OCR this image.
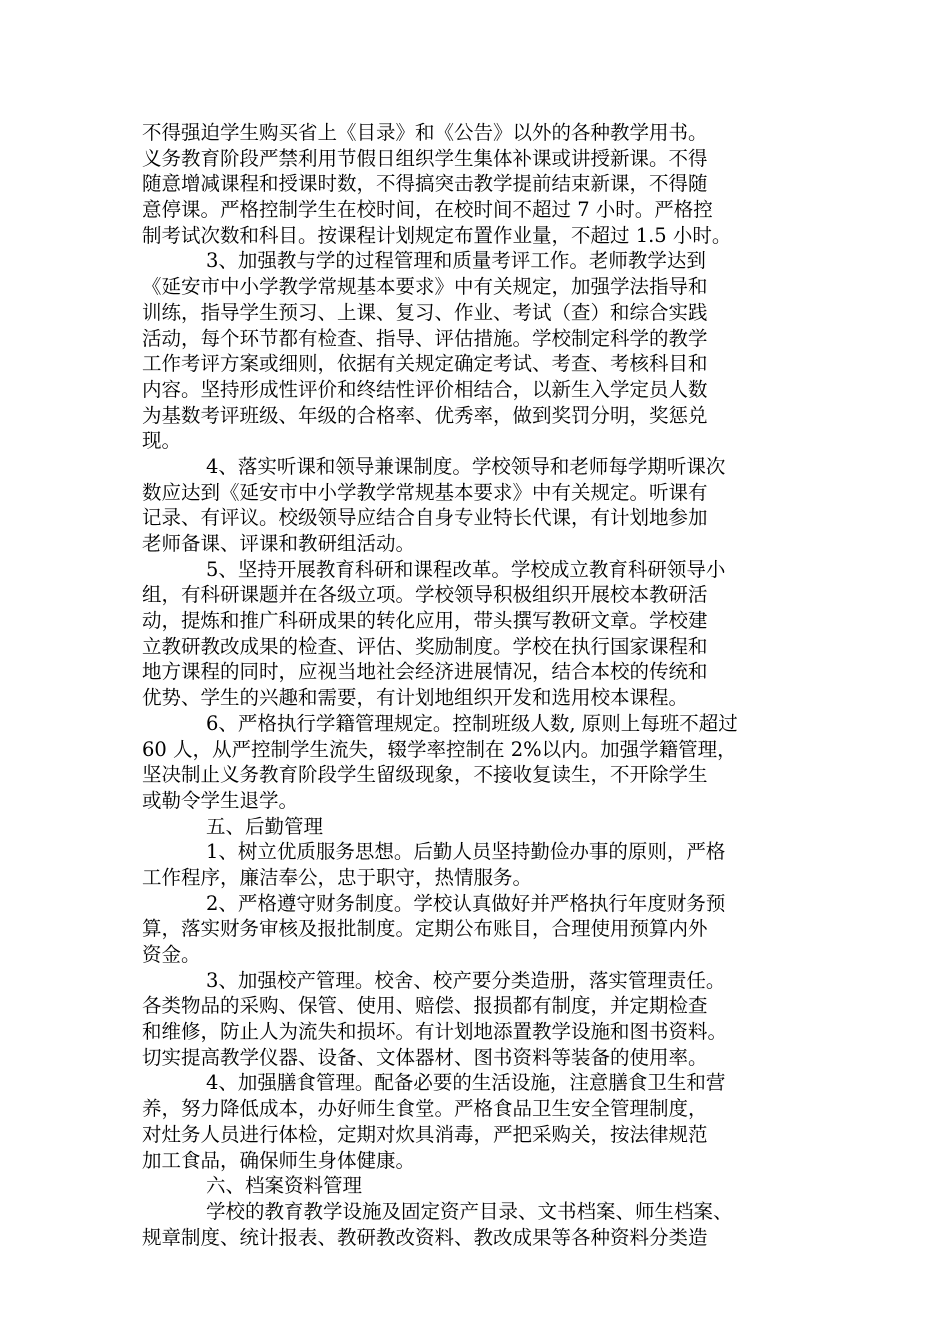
不得强迫学生购买省上《目录》和《公告》以外的各种教学用书。
义务教育阶段严禁利用节假日组织学生集体补课或讲授新课。不得
随意增减课程和授课时数，不得搞突击教学提前结束新课，不得随
意停课。严格控制学生在校时间，在校时间不超过 7 小时。严格控
制考试次数和科目。按课程计划规定布置作业量，不超过 1.5 小时。
3、加强教与学的过程管理和质量考评工作。老师教学达到
《延安市中小学教学常规基本要求》中有关规定，加强学法指导和
训练，指导学生预习、上课、复习、作业、考试（查）和综合实践
活动，每个环节都有检查、指导、评估措施。学校制定科学的教学
工作考评方案或细则，依据有关规定确定考试、考查、考核科目和
内容。坚持形成性评价和终结性评价相结合，以新生入学定员人数
为基数考评班级、年级的合格率、优秀率，做到奖罚分明，奖惩兑
现。
4、落实听课和领导兼课制度。学校领导和老师每学期听课次
数应达到《延安市中小学教学常规基本要求》中有关规定。听课有
记录、有评议。校级领导应结合自身专业特长代课，有计划地参加
老师备课、评课和教研组活动。
5、坚持开展教育科研和课程改革。学校成立教育科研领导小
组，有科研课题并在各级立项。学校领导积极组织开展校本教研活
动，提炼和推广科研成果的转化应用，带头撰写教研文章。学校建
立教研教改成果的检查、评估、奖励制度。学校在执行国家课程和
地方课程的同时，应视当地社会经济进展情况，结合本校的传统和
优势、学生的兴趣和需要，有计划地组织开发和选用校本课程。
6、严格执行学籍管理规定。控制班级人数, 原则上每班不超过
60 人，从严控制学生流失，辍学率控制在 2%以内。加强学籍管理，
坚决制止义务教育阶段学生留级现象，不接收复读生，不开除学生
或勒令学生退学。
五、后勤管理
1、树立优质服务思想。后勤人员坚持勤俭办事的原则，严格
工作程序，廉洁奉公，忠于职守，热情服务。
2、严格遵守财务制度。学校认真做好并严格执行年度财务预
算，落实财务审核及报批制度。定期公布账目，合理使用预算内外
资金。
3、加强校产管理。校舍、校产要分类造册，落实管理责任。
各类物品的采购、保管、使用、赔偿、报损都有制度，并定期检查
和维修，防止人为流失和损坏。有计划地添置教学设施和图书资料。
切实提高教学仪器、设备、文体器材、图书资料等装备的使用率。
4、加强膳食管理。配备必要的生活设施，注意膳食卫生和营
养，努力降低成本，办好师生食堂。严格食品卫生安全管理制度，
对灶务人员进行体检，定期对炊具消毒，严把采购关，按法律规范
加工食品，确保师生身体健康。
六、档案资料管理
学校的教育教学设施及固定资产目录、文书档案、师生档案、
规章制度、统计报表、教研教改资料、教改成果等各种资料分类造
